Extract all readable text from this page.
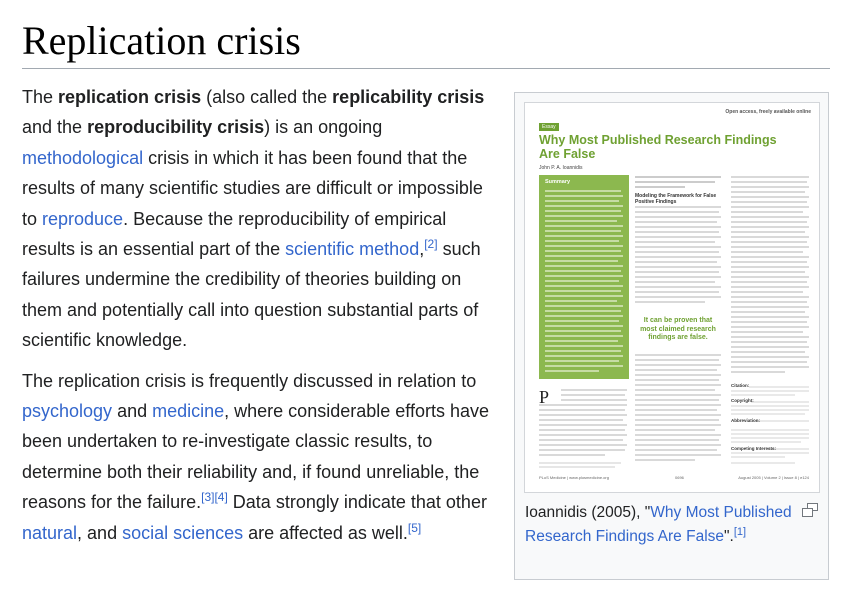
Replication crisis

The replication crisis (also called the replicability crisis and the reproducibility crisis) is an ongoing methodological crisis in which it has been found that the results of many scientific studies are difficult or impossible to reproduce. Because the reproducibility of empirical results is an essential part of the scientific method,[2] such failures undermine the credibility of theories building on them and potentially call into question substantial parts of scientific knowledge.

The replication crisis is frequently discussed in relation to psychology and medicine, where considerable efforts have been undertaken to re-investigate classic results, to determine both their reliability and, if found unreliable, the reasons for the failure.[3][4] Data strongly indicate that other natural, and social sciences are affected as well.[5]

Open access, freely available online
Essay
Why Most Published Research Findings Are False
John P. A. Ioannidis
Summary
It can be proven that most claimed research findings are false.
Modeling the Framework for False Positive Findings
P
Citation:
Copyright:
Abbreviation:
Competing Interests:
PLoS Medicine | www.plosmedicine.org	0696	August 2005 | Volume 2 | Issue 8 | e124
Ioannidis (2005), "Why Most Published Research Findings Are False".[1]
